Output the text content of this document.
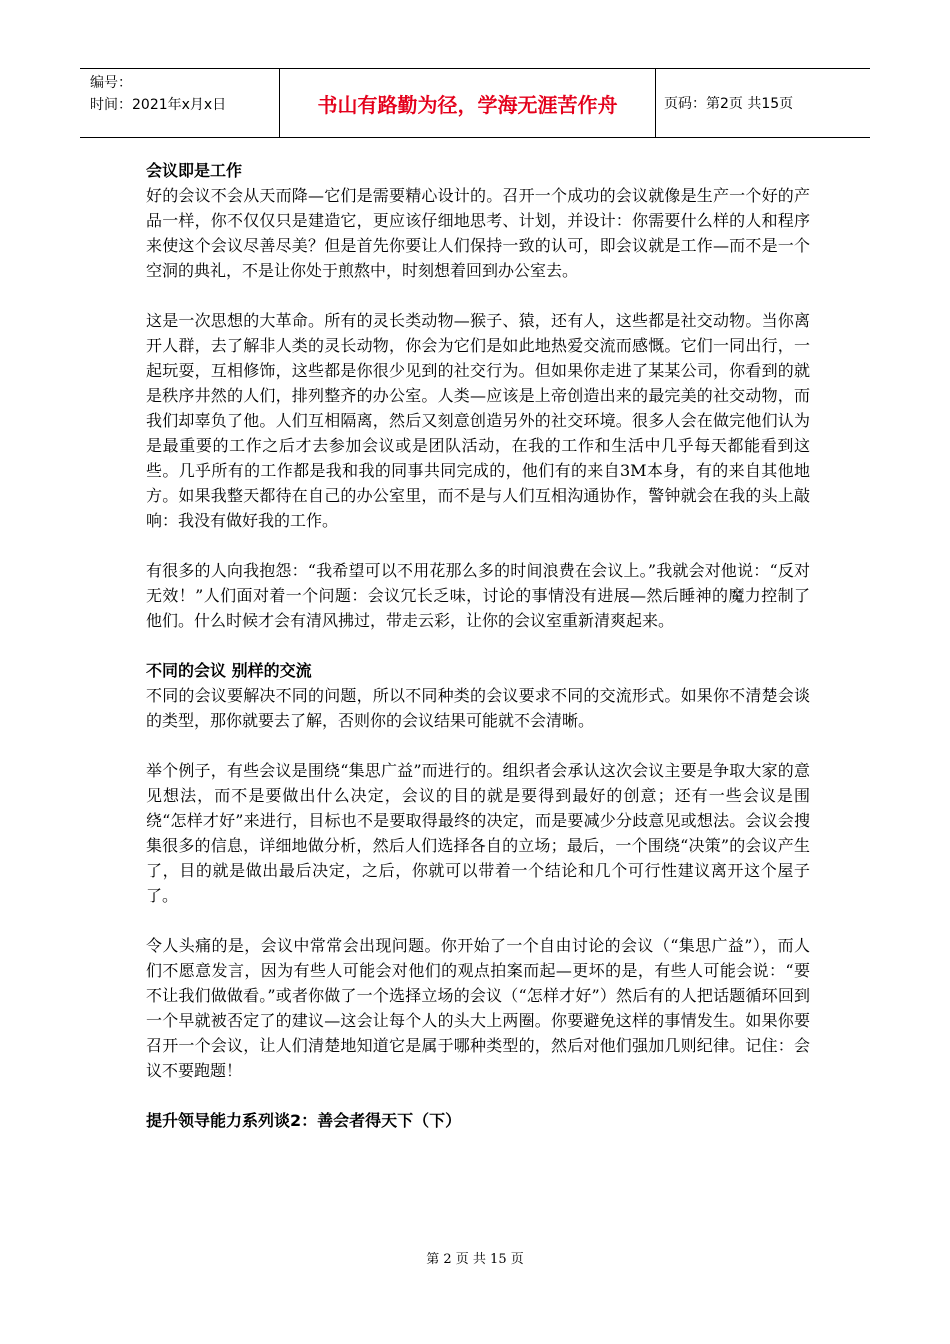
编号：
时间：2021年x月x日	书山有路勤为径，学海无涯苦作舟	页码：第2页 共15页
会议即是工作

好的会议不会从天而降—它们是需要精心设计的。召开一个成功的会议就像是生产一个好的产品一样，你不仅仅只是建造它，更应该仔细地思考、计划，并设计：你需要什么样的人和程序来使这个会议尽善尽美？但是首先你要让人们保持一致的认可，即会议就是工作—而不是一个空洞的典礼，不是让你处于煎熬中，时刻想着回到办公室去。

这是一次思想的大革命。所有的灵长类动物—猴子、猿，还有人，这些都是社交动物。当你离开人群，去了解非人类的灵长动物，你会为它们是如此地热爱交流而感慨。它们一同出行，一起玩耍，互相修饰，这些都是你很少见到的社交行为。但如果你走进了某某公司，你看到的就是秩序井然的人们，排列整齐的办公室。人类—应该是上帝创造出来的最完美的社交动物，而我们却辜负了他。人们互相隔离，然后又刻意创造另外的社交环境。很多人会在做完他们认为是最重要的工作之后才去参加会议或是团队活动，在我的工作和生活中几乎每天都能看到这些。几乎所有的工作都是我和我的同事共同完成的，他们有的来自3M本身，有的来自其他地方。如果我整天都待在自己的办公室里，而不是与人们互相沟通协作，警钟就会在我的头上敲响：我没有做好我的工作。

有很多的人向我抱怨：“我希望可以不用花那么多的时间浪费在会议上。”我就会对他说：“反对无效！”人们面对着一个问题：会议冗长乏味，讨论的事情没有进展—然后睡神的魔力控制了他们。什么时候才会有清风拂过，带走云彩，让你的会议室重新清爽起来。

不同的会议 别样的交流

不同的会议要解决不同的问题，所以不同种类的会议要求不同的交流形式。如果你不清楚会谈的类型，那你就要去了解，否则你的会议结果可能就不会清晰。

举个例子，有些会议是围绕“集思广益”而进行的。组织者会承认这次会议主要是争取大家的意见想法，而不是要做出什么决定，会议的目的就是要得到最好的创意；还有一些会议是围绕“怎样才好”来进行，目标也不是要取得最终的决定，而是要减少分歧意见或想法。会议会搜集很多的信息，详细地做分析，然后人们选择各自的立场；最后，一个围绕“决策”的会议产生了，目的就是做出最后决定，之后，你就可以带着一个结论和几个可行性建议离开这个屋子了。

令人头痛的是，会议中常常会出现问题。你开始了一个自由讨论的会议（“集思广益”），而人们不愿意发言，因为有些人可能会对他们的观点拍案而起—更坏的是，有些人可能会说：“要不让我们做做看。”或者你做了一个选择立场的会议（“怎样才好”）然后有的人把话题循环回到一个早就被否定了的建议—这会让每个人的头大上两圈。你要避免这样的事情发生。如果你要召开一个会议，让人们清楚地知道它是属于哪种类型的，然后对他们强加几则纪律。记住：会议不要跑题！

提升领导能力系列谈2：善会者得天下（下）
第 2 页 共 15 页
